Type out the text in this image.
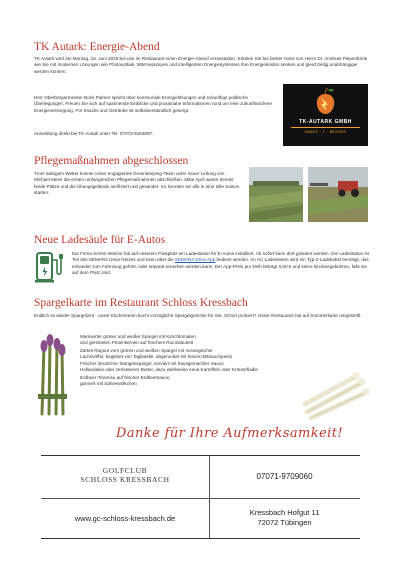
TK Autark: Energie-Abend

TK Autark wird am Montag, 15. Juni 2026 bei uns im Restaurant einen Energie-Abend veranstalten. Erleben Sie bei bester Hans von Herrn Dr. Andreas Piepenbrink wie Sie mit modernen Lösungen wie Photovoltaik, Wärmepumpen und intelligenten Energiesystemen Ihre Energiekosten senken und gleichzeitig unabhängiger werden können.

Herr Oberbürgermeister Boris Palmer spricht über kommunale Energielösungen und zukunftige politische Überlegungen. Freuen Sie sich auf spannende Einblicke und praxisnahe Informationen rund um eine zukunftssichere Energieversorgung. Für Snacks und Getränke ist selbstverständlich gesorgt.

Anmeldung direkt bei TK Autark unter Tel. 07073-9153697.

TK-AUTARK GMBH
IMMER · T · BESSER
Pflegemaßnahmen abgeschlossen

Trotz widrigem Wetter konnte unser engagiertes Greenkeeping-Team unter neuer Leitung von Michael Meier die ersten umfangreichen Pflegemaßnahmen abschließen. Mitte April waren bereits beide Plätze und die Übungsgelände aerifiziert und gesandet. So konnten wir alle in eine tolle Saison starten.

Neue Ladesäule für E-Autos

Die Firma Schön-Wärme hat auf unserem Parkplatz ein Ladestation für E-Autos installiert. Ab sofort kann dort geladen werden. Die Ladestation ist Teil des SEMARA Drive Netzes und kann über die SEMARA Drive App bedient werden. An AC-Ladesäulen wird ein Typ-2-Ladekabel benötigt, das entweder zum Fahrzeug gehört, oder separat erworben werden kann. Der App-Preis pro kWh beträgt 0,50 € und keine blockiergebühren, falls sie auf dem Platz sind.

Spargelkarte im Restaurant Schloss Kressbach

Endlich ist wieder Spargelzeit - unser Küchenteam kocht vorzügliche Spargelgerichte für Sie. Schon probiert? Unser Restaurant hat auf Sommerkarte umgestellt.

Marinierter grüner und weißer Spargel mit Kirschtomaten
und gerösteten Pinienkernen auf frischem Rucolabukett
Zartes Ragout vom grünen und weißen Spargel mit norwegischer
Lachsvöffel, begleitet von Tagliatelle, abgerundet mit feinem Bärlauchpesto
Frischer deutscher Stangenspargel, serviert mit hausgemachter Sauce
Hollandaise oder zerlassener Butter, dazu wahlweise neue Kartoffeln oder Kräuterfladle
Erdbeer-Tiramisu auf frischer Erdbeersauce,
garniert mit Sahnewölkchen
Danke für Ihre Aufmerksamkeit!
GOLFCLUB
SCHLOSS KRESSBACH	07071-9709060
www.gc-schloss-kressbach.de
Kressbach Hofgut 11
72072 Tübingen
